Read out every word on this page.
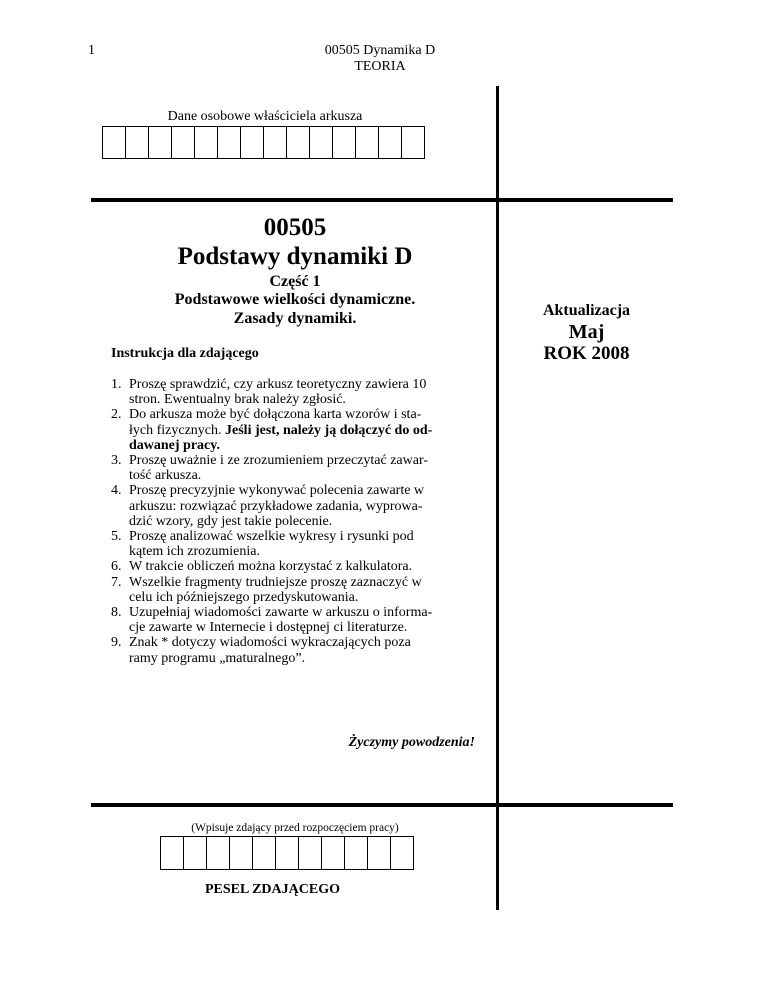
1	00505 Dynamika D
TEORIA
Dane osobowe właściciela arkusza
00505
Podstawy dynamiki D
Część 1
Podstawowe wielkości dynamiczne.
Zasady dynamiki.
Instrukcja dla zdającego
1. Proszę sprawdzić, czy arkusz teoretyczny zawiera 10
stron. Ewentualny brak należy zgłosić.
2. Do arkusza może być dołączona karta wzorów i sta-
łych fizycznych. Jeśli jest, należy ją dołączyć do od-
dawanej pracy.
3. Proszę uważnie i ze zrozumieniem przeczytać zawar-
tość arkusza.
4. Proszę precyzyjnie wykonywać polecenia zawarte w
arkuszu: rozwiązać przykładowe zadania, wyprowa-
dzić wzory, gdy jest takie polecenie.
5. Proszę analizować wszelkie wykresy i rysunki pod
kątem ich zrozumienia.
6. W trakcie obliczeń można korzystać z kalkulatora.
7. Wszelkie fragmenty trudniejsze proszę zaznaczyć w
celu ich późniejszego przedyskutowania.
8. Uzupełniaj wiadomości zawarte w arkuszu o informa-
cje zawarte w Internecie i dostępnej ci literaturze.
9. Znak * dotyczy wiadomości wykraczających poza
ramy programu „maturalnego”.
Życzymy powodzenia!
Aktualizacja
Maj
ROK 2008
(Wpisuje zdający przed rozpoczęciem pracy)
PESEL ZDAJĄCEGO
